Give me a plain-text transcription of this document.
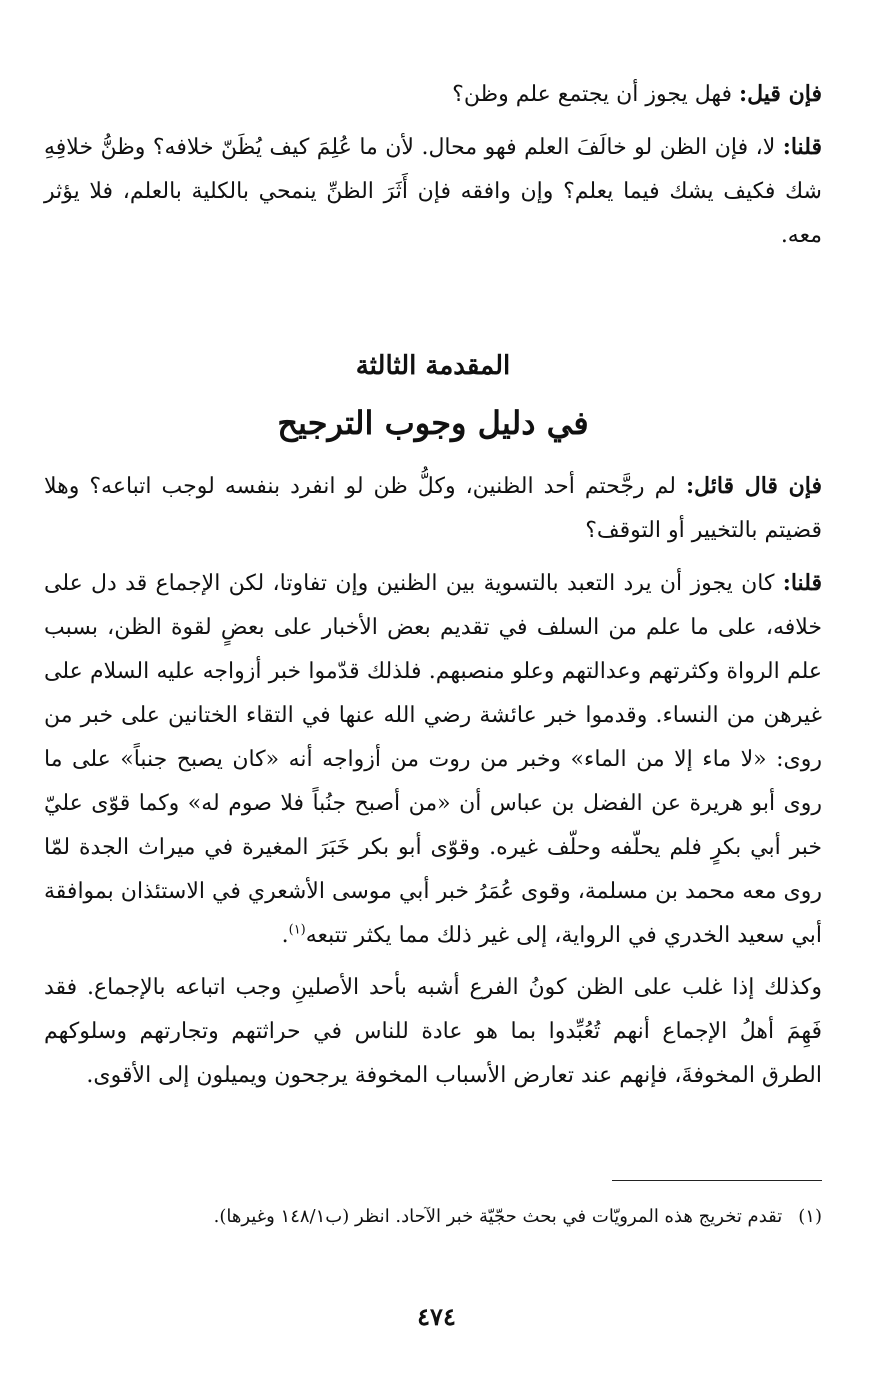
فإن قيل: فهل يجوز أن يجتمع علم وظن؟

قلنا: لا، فإن الظن لو خالَفَ العلم فهو محال. لأن ما عُلِمَ كيف يُظَنّ خلافه؟ وظنُّ خلافِهِ شك فكيف يشك فيما يعلم؟ وإن وافقه فإن أَثَرَ الظنِّ ينمحي بالكلية بالعلم، فلا يؤثر معه.

المقدمة الثالثة
في دليل وجوب الترجيح

فإن قال قائل: لم رجَّحتم أحد الظنين، وكلُّ ظن لو انفرد بنفسه لوجب اتباعه؟ وهلا قضيتم بالتخيير أو التوقف؟

قلنا: كان يجوز أن يرد التعبد بالتسوية بين الظنين وإن تفاوتا، لكن الإجماع قد دل على خلافه، على ما علم من السلف في تقديم بعض الأخبار على بعضٍ لقوة الظن، بسبب علم الرواة وكثرتهم وعدالتهم وعلو منصبهم. فلذلك قدّموا خبر أزواجه عليه السلام على غيرهن من النساء. وقدموا خبر عائشة رضي الله عنها في التقاء الختانين على خبر من روى: «لا ماء إلا من الماء» وخبر من روت من أزواجه أنه «كان يصبح جنباً» على ما روى أبو هريرة عن الفضل بن عباس أن «من أصبح جنُباً فلا صوم له» وكما قوّى عليّ خبر أبي بكرٍ فلم يحلّفه وحلّف غيره. وقوّى أبو بكر خَبَرَ المغيرة في ميراث الجدة لمّا روى معه محمد بن مسلمة، وقوى عُمَرُ خبر أبي موسى الأشعري في الاستئذان بموافقة أبي سعيد الخدري في الرواية، إلى غير ذلك مما يكثر تتبعه$^{(١)}$.

وكذلك إذا غلب على الظن كونُ الفرع أشبه بأحد الأصلينِ وجب اتباعه بالإجماع. فقد فَهِمَ أهلُ الإجماع أنهم تُعُبِّدوا بما هو عادة للناس في حراثتهم وتجارتهم وسلوكهم الطرق المخوفةَ، فإنهم عند تعارض الأسباب المخوفة يرجحون ويميلون إلى الأقوى.

(١)تقدم تخريج هذه المرويّات في بحث حجّيّة خبر الآحاد. انظر (ب١٤٨/١ وغيرها).
٤٧٤
